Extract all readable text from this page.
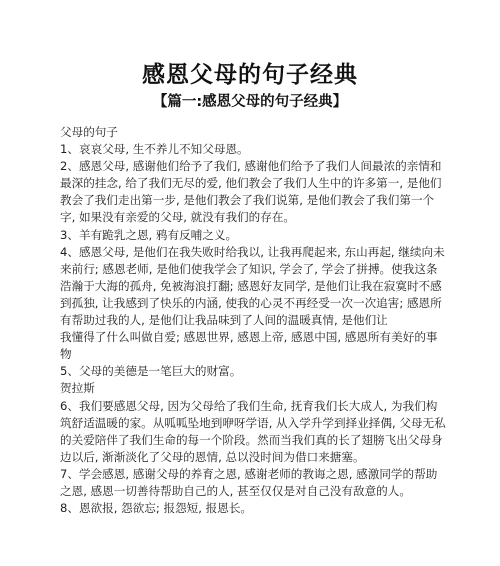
感恩父母的句子经典
【篇一:感恩父母的句子经典】

父母的句子

1、哀哀父母, 生不养儿不知父母恩。

2、感恩父母, 感谢他们给予了我们, 感谢他们给予了我们人间最浓的亲情和最深的挂念, 给了我们无尽的爱, 他们教会了我们人生中的许多第一, 是他们教会了我们走出第一步, 是他们教会了我们说第, 是他们教会了我们第一个字, 如果没有亲爱的父母, 就没有我们的存在。

3、羊有跪乳之恩, 鸦有反哺之义。

4、感恩父母, 是他们在我失败时给我以, 让我再爬起来, 东山再起, 继续向未来前行; 感恩老师, 是他们使我学会了知识, 学会了, 学会了拼搏。使我这条浩瀚于大海的孤舟, 免被海浪打翻; 感恩好友同学, 是他们让我在寂寞时不感到孤独, 让我感到了快乐的内涵, 使我的心灵不再经受一次一次追害; 感恩所有帮助过我的人, 是他们让我品味到了人间的温暖真情, 是他们让

我懂得了什么叫做自爱; 感恩世界, 感恩上帝, 感恩中国, 感恩所有美好的事物

5、父母的美德是一笔巨大的财富。

贺拉斯

6、我们要感恩父母, 因为父母给了我们生命, 抚育我们长大成人, 为我们构筑舒适温暖的家。从呱呱坠地到咿呀学语, 从入学升学到择业择偶, 父母无私的关爱陪伴了我们生命的每一个阶段。然而当我们真的长了翅膀飞出父母身边以后, 渐渐淡化了父母的恩情, 总以没时间为借口来搪塞。

7、学会感恩, 感谢父母的养育之恩, 感谢老师的教诲之恩, 感激同学的帮助之恩, 感恩一切善待帮助自己的人, 甚至仅仅是对自己没有敌意的人。

8、恩欲报, 怨欲忘; 报怨短, 报恩长。
